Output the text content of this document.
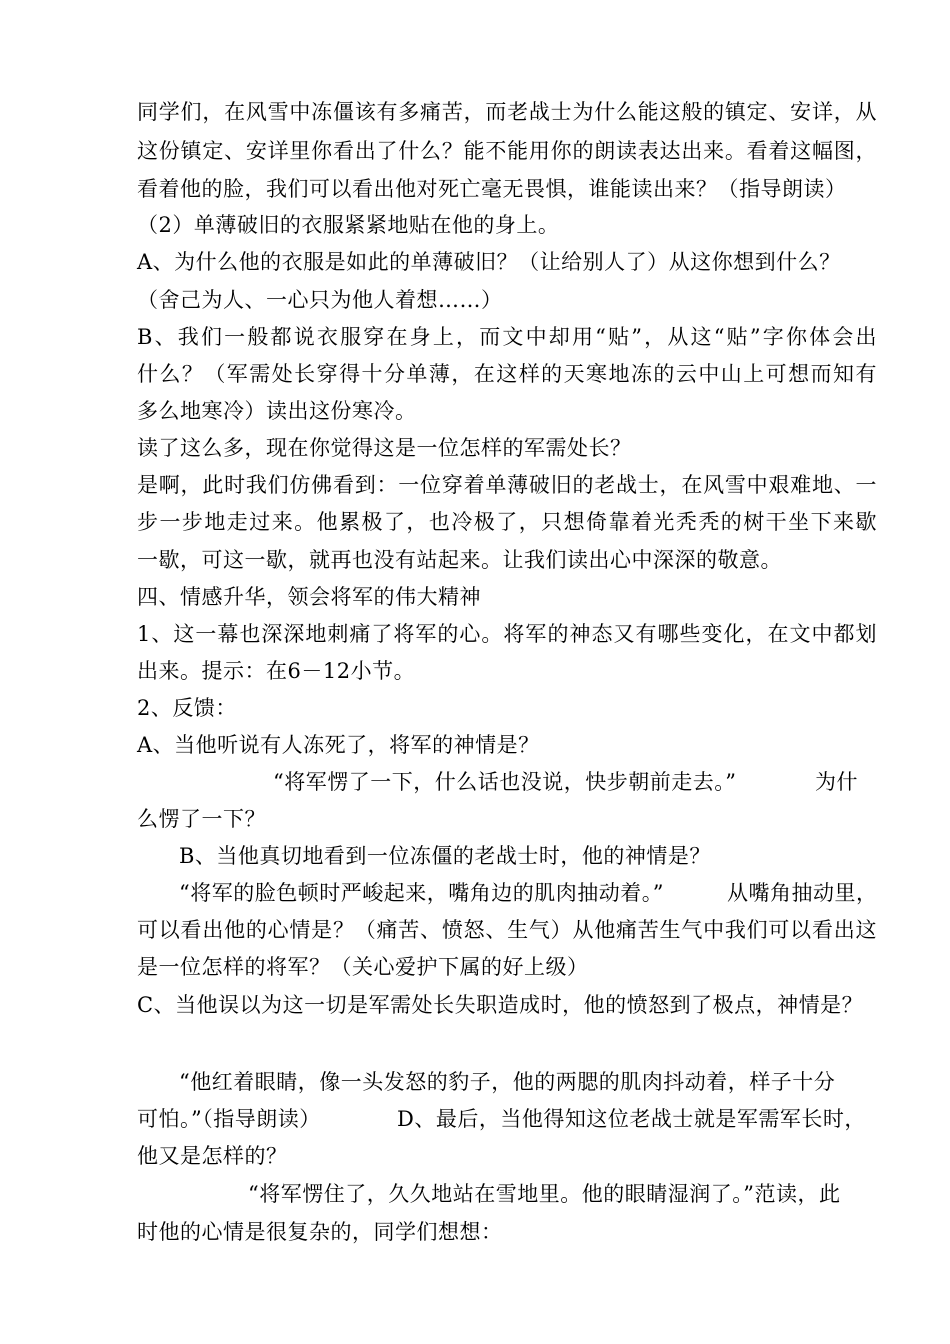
同学们，在风雪中冻僵该有多痛苦，而老战士为什么能这般的镇定、安详，从
这份镇定、安详里你看出了什么？能不能用你的朗读表达出来。看着这幅图，
看着他的脸，我们可以看出他对死亡毫无畏惧，谁能读出来？（指导朗读）
（2）单薄破旧的衣服紧紧地贴在他的身上。
A、为什么他的衣服是如此的单薄破旧？（让给别人了）从这你想到什么？
（舍己为人、一心只为他人着想……）
B、我们一般都说衣服穿在身上，而文中却用“贴”，从这“贴”字你体会出
什么？（军需处长穿得十分单薄，在这样的天寒地冻的云中山上可想而知有
多么地寒冷）读出这份寒冷。
读了这么多，现在你觉得这是一位怎样的军需处长？
是啊，此时我们仿佛看到：一位穿着单薄破旧的老战士，在风雪中艰难地、一
步一步地走过来。他累极了，也冷极了，只想倚靠着光秃秃的树干坐下来歇
一歇，可这一歇，就再也没有站起来。让我们读出心中深深的敬意。
四、情感升华，领会将军的伟大精神
1、这一幕也深深地刺痛了将军的心。将军的神态又有哪些变化，在文中都划
出来。提示：在6－12小节。
2、反馈：
A、当他听说有人冻死了，将军的神情是？
“将军愣了一下，什么话也没说，快步朝前走去。”	为什
么愣了一下？
B、当他真切地看到一位冻僵的老战士时，他的神情是？
“将军的脸色顿时严峻起来，嘴角边的肌肉抽动着。”	从嘴角抽动里，
可以看出他的心情是？（痛苦、愤怒、生气）从他痛苦生气中我们可以看出这
是一位怎样的将军？（关心爱护下属的好上级）
C、当他误以为这一切是军需处长失职造成时，他的愤怒到了极点，神情是？
“他红着眼睛，像一头发怒的豹子，他的两腮的肌肉抖动着，样子十分
可怕。”（指导朗读）	D、最后，当他得知这位老战士就是军需军长时，
他又是怎样的？
“将军愣住了，久久地站在雪地里。他的眼睛湿润了。”范读，此
时他的心情是很复杂的，同学们想想：
